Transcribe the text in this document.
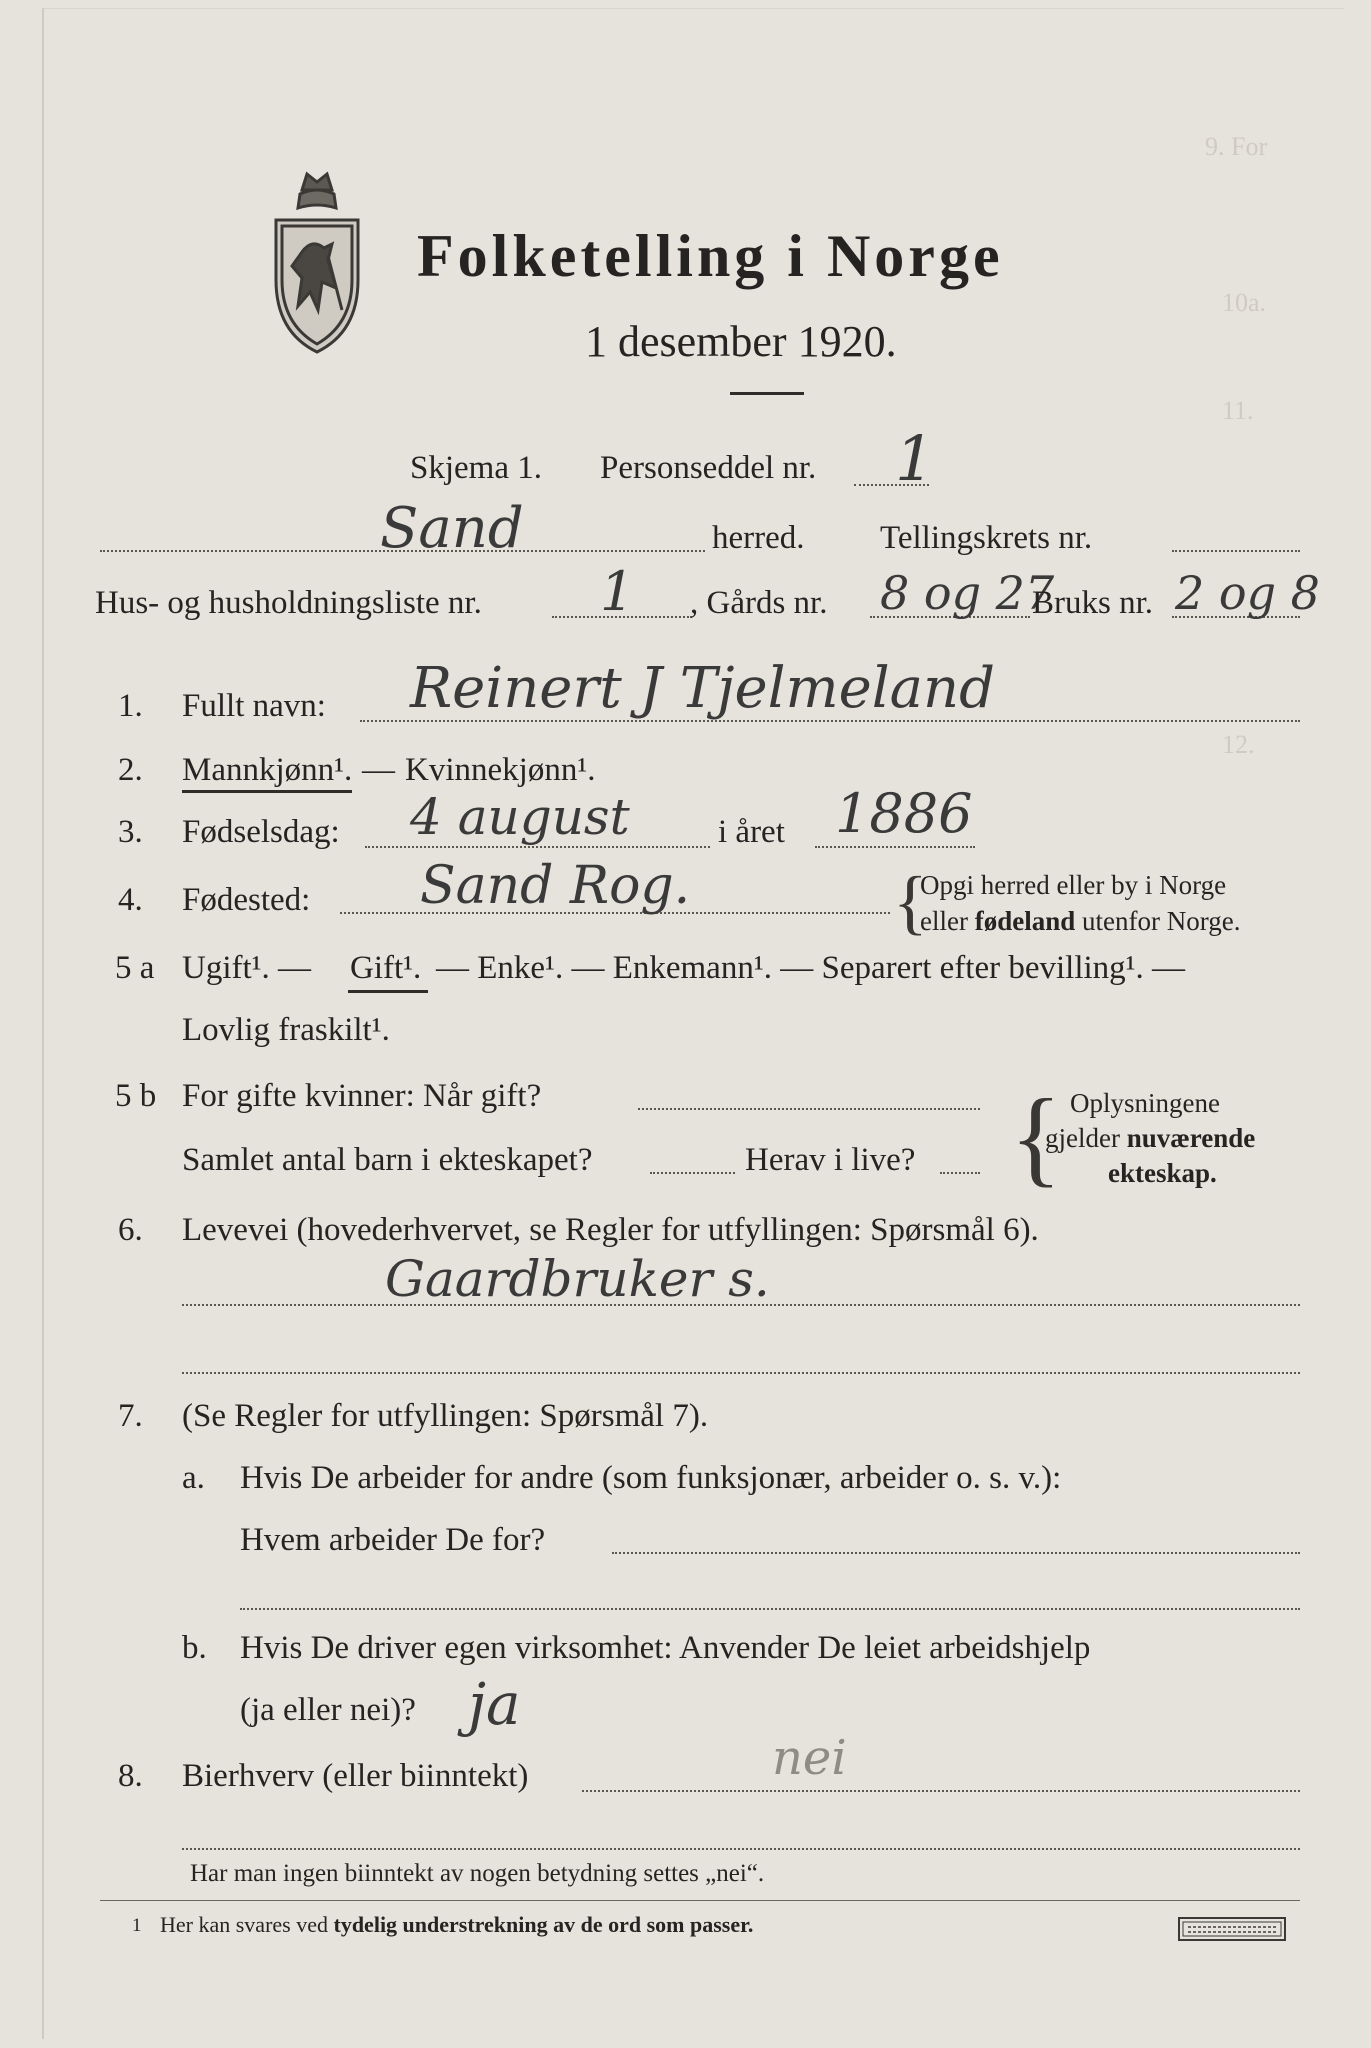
9. For
10a.
11.
12.
Folketelling i Norge
1 desember 1920.
Skjema 1. Personseddel nr. 1
Sand	herred. Tellingskrets nr.
Hus- og husholdningsliste nr. 1 , Gårds nr. 8 og 27
Bruks nr. 2 og 8
1. Fullt navn: Reinert J Tjelmeland
2. Mannkjønn¹. — Kvinnekjønn¹.
3. Fødselsdag: 4 august	i året 1886
4. Fødested: Sand Rog.	{
Opgi herred eller by i Norge
eller fødeland utenfor Norge.
5 a Ugift¹. — Gift¹. — Enke¹. — Enkemann¹. — Separert efter bevilling¹. —
Lovlig fraskilt¹.
5 b For gifte kvinner: Når gift?
Samlet antal barn i ekteskapet?	Herav i live? { Oplysningene
gjelder nuværende
ekteskap.
6. Levevei (hovederhvervet, se Regler for utfyllingen: Spørsmål 6).
Gaardbruker s.
7. (Se Regler for utfyllingen: Spørsmål 7).
a. Hvis De arbeider for andre (som funksjonær, arbeider o. s. v.):
Hvem arbeider De for?
b. Hvis De driver egen virksomhet: Anvender De leiet arbeidshjelp
(ja eller nei)? ja
8. Bierhverv (eller biinntekt)	nei
Har man ingen biinntekt av nogen betydning settes „nei“.
1 Her kan svares ved tydelig understrekning av de ord som passer.
